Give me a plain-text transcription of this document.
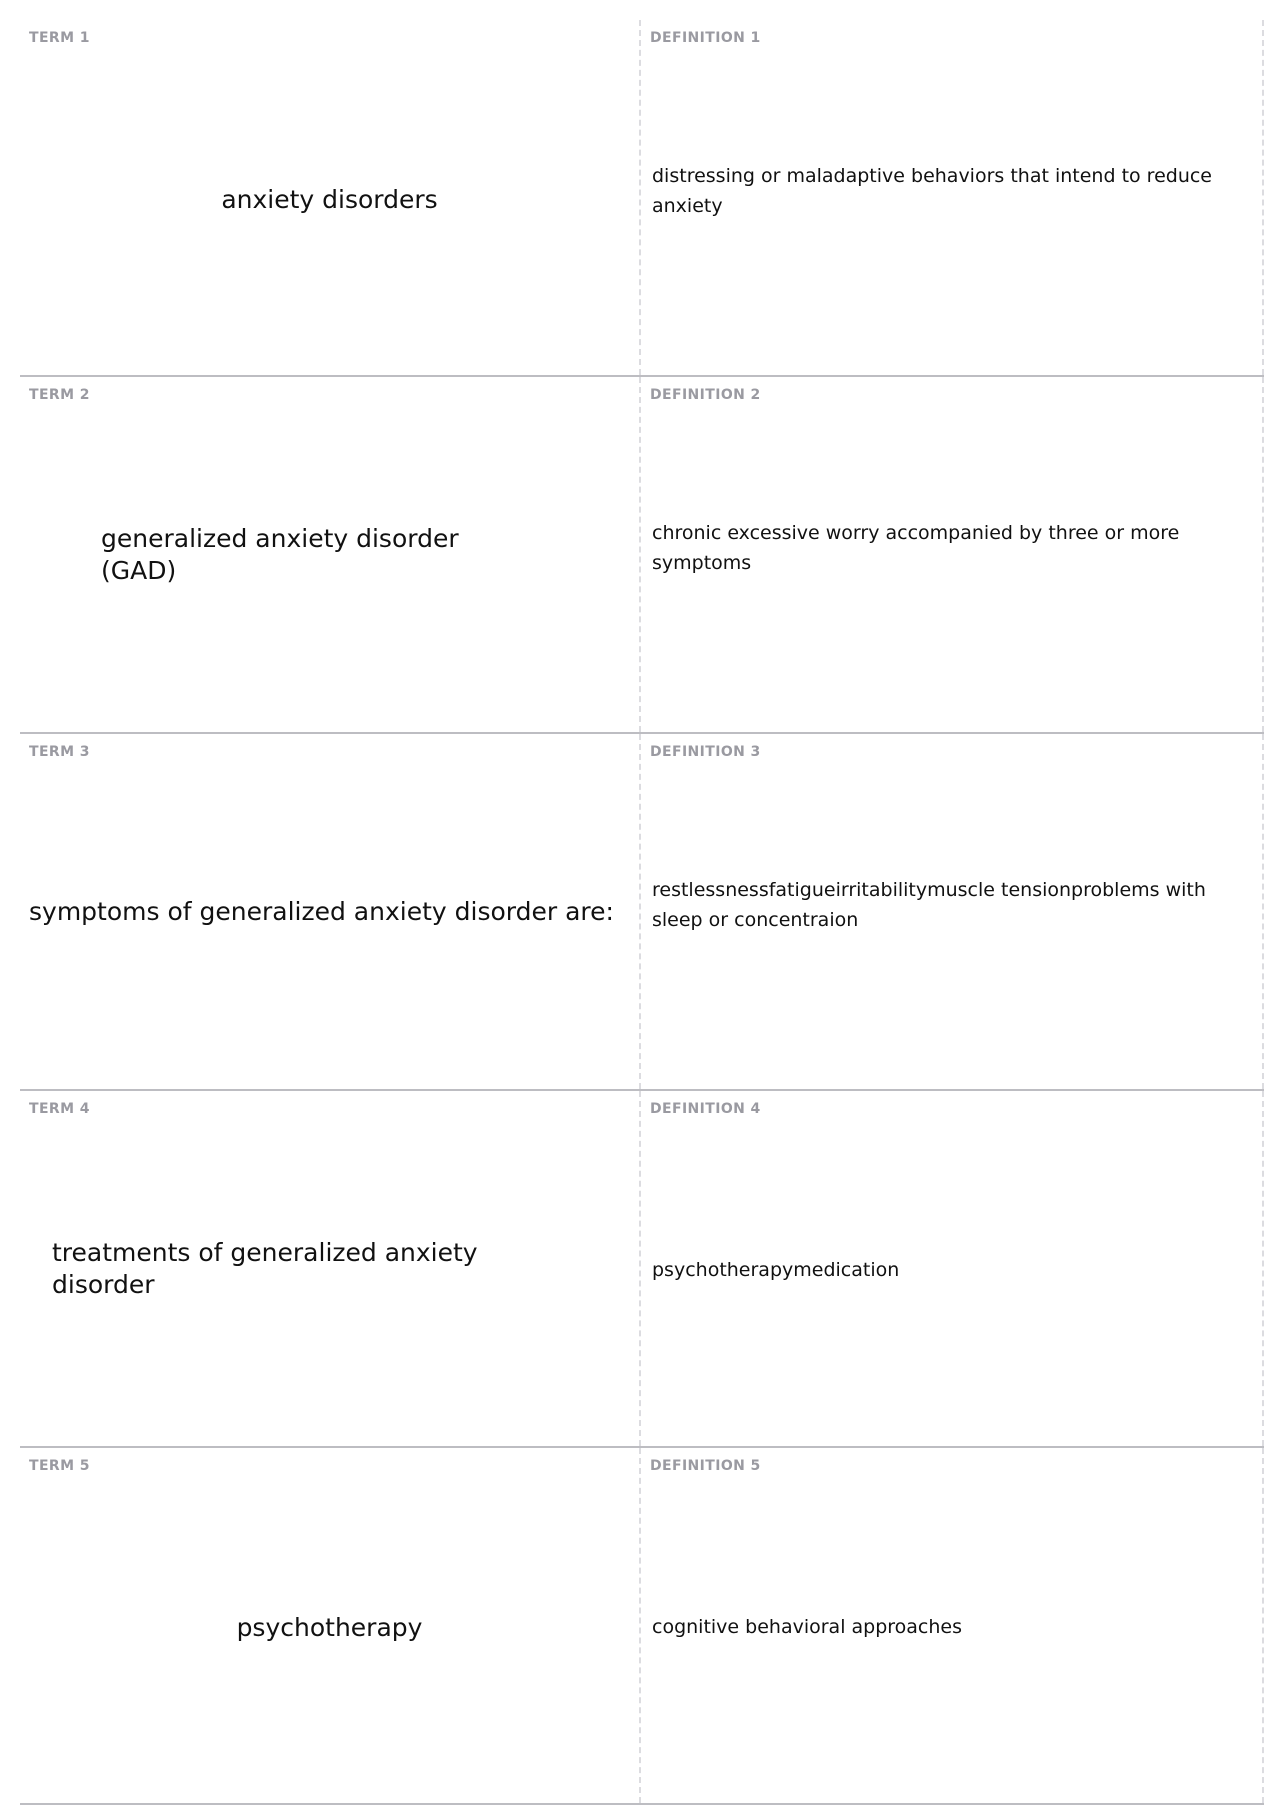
TERM 1
anxiety disorders
DEFINITION 1
distressing or maladaptive behaviors that intend to reduce anxiety
TERM 2
generalized anxiety disorder (GAD)
DEFINITION 2
chronic excessive worry accompanied by three or more symptoms
TERM 3
symptoms of generalized anxiety disorder are:
DEFINITION 3
restlessnessfatigueirritabilitymuscle tensionproblems with sleep or concentraion
TERM 4
treatments of generalized anxiety disorder
DEFINITION 4
psychotherapymedication
TERM 5
psychotherapy
DEFINITION 5
cognitive behavioral approaches
